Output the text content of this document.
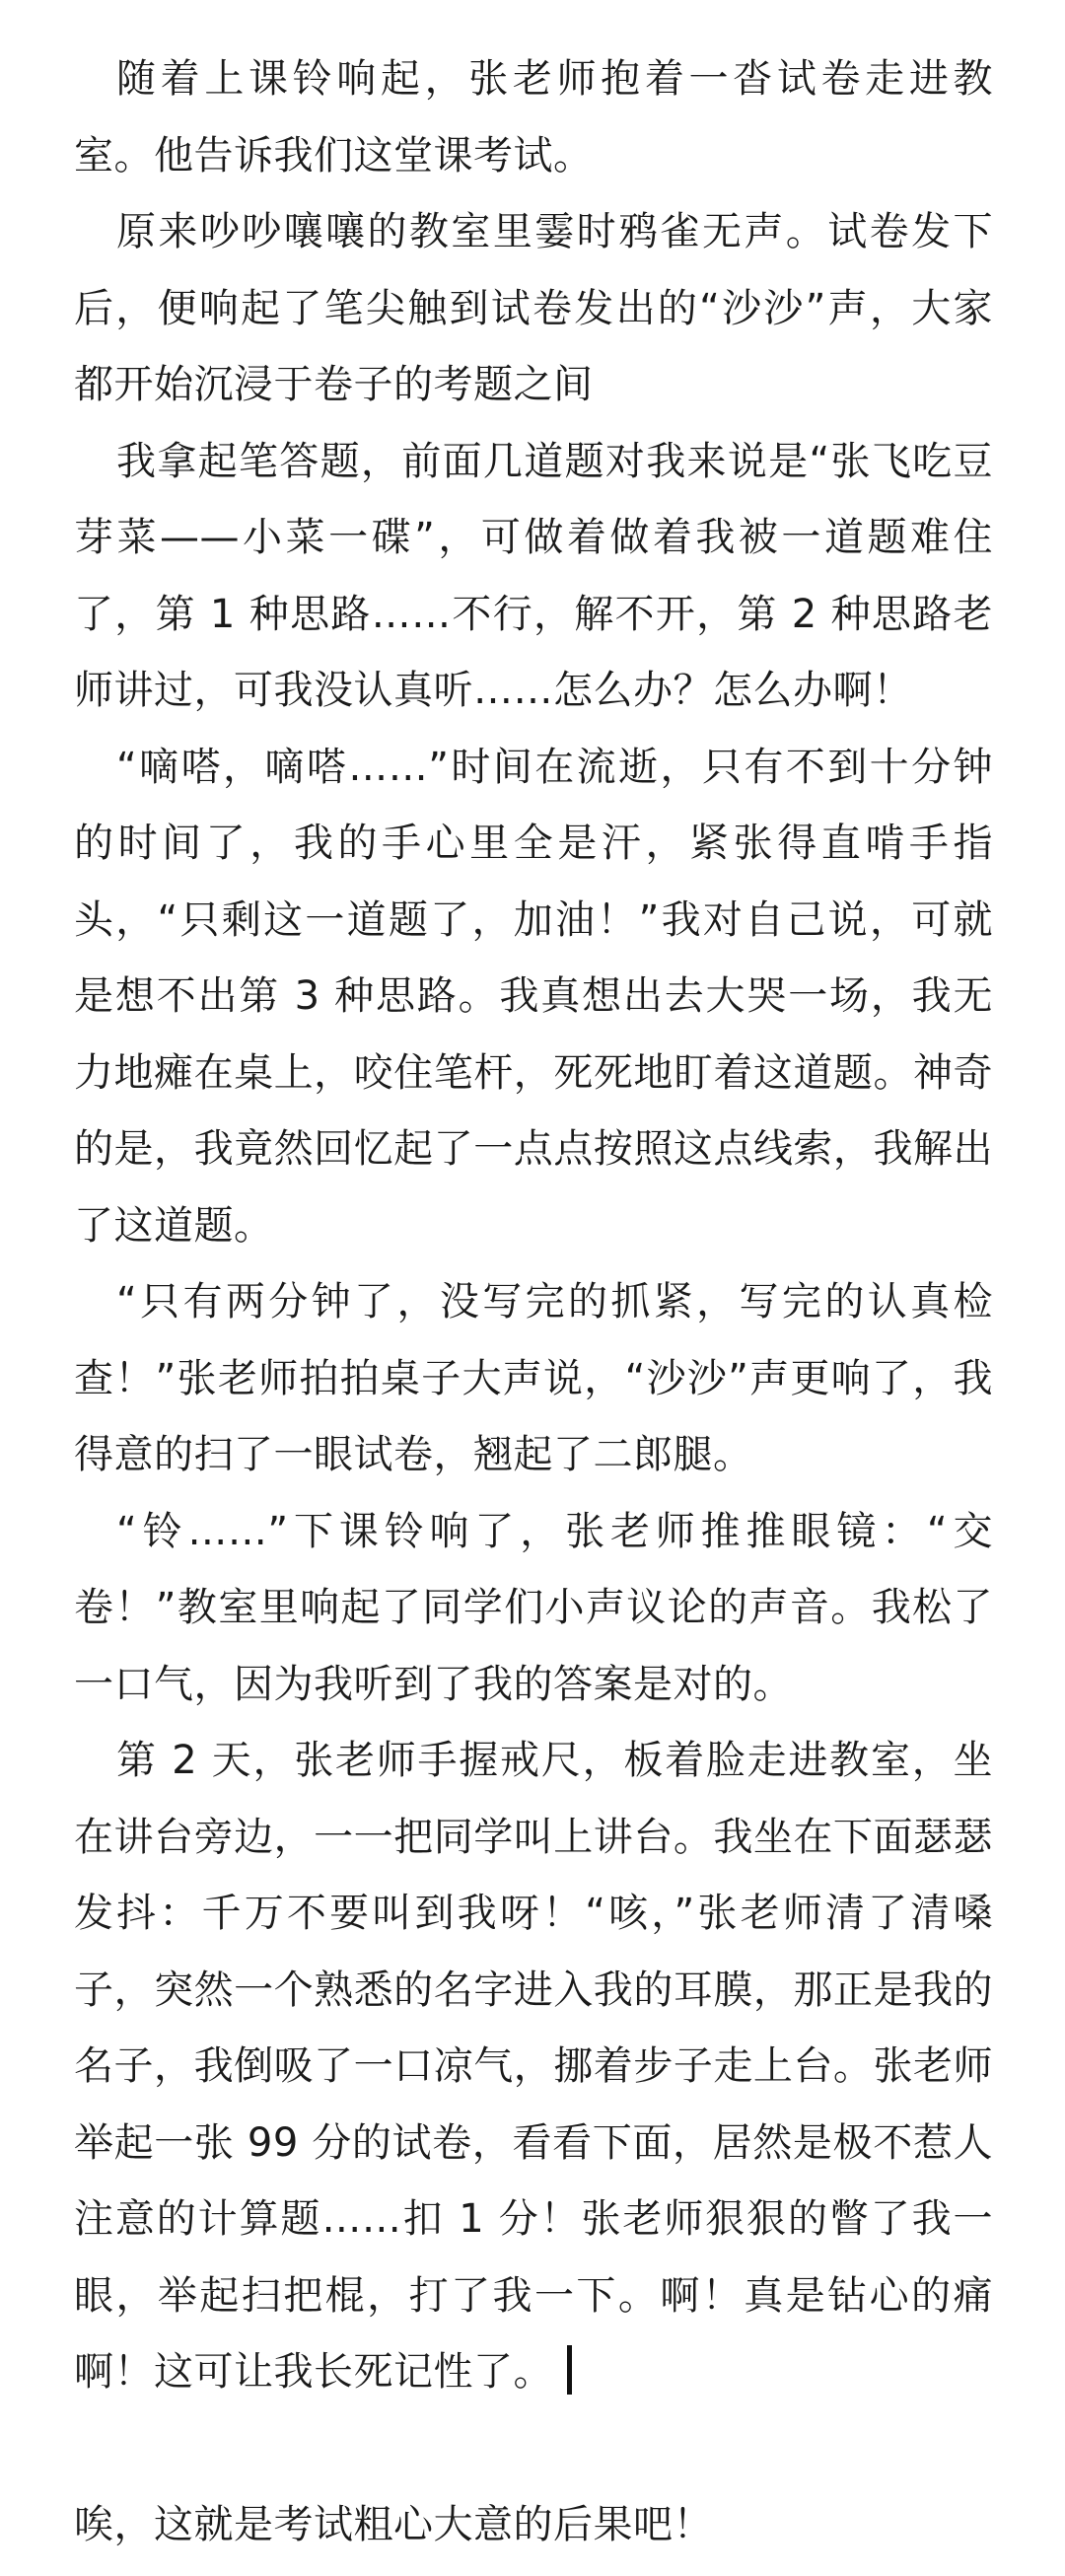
随着上课铃响起，张老师抱着一沓试卷走进教室。他告诉我们这堂课考试。

原来吵吵嚷嚷的教室里霎时鸦雀无声。试卷发下后，便响起了笔尖触到试卷发出的“沙沙”声，大家都开始沉浸于卷子的考题之间

我拿起笔答题，前面几道题对我来说是“张飞吃豆芽菜——小菜一碟”，可做着做着我被一道题难住了，第 1 种思路……不行，解不开，第 2 种思路老师讲过，可我没认真听……怎么办？怎么办啊！

“嘀嗒，嘀嗒……”时间在流逝，只有不到十分钟的时间了，我的手心里全是汗，紧张得直啃手指头，“只剩这一道题了，加油！”我对自己说，可就是想不出第 3 种思路。我真想出去大哭一场，我无力地瘫在桌上，咬住笔杆，死死地盯着这道题。神奇的是，我竟然回忆起了一点点按照这点线索，我解出了这道题。

“只有两分钟了，没写完的抓紧，写完的认真检查！”张老师拍拍桌子大声说，“沙沙”声更响了，我得意的扫了一眼试卷，翘起了二郎腿。

“铃……”下课铃响了，张老师推推眼镜：“交卷！”教室里响起了同学们小声议论的声音。我松了一口气，因为我听到了我的答案是对的。

第 2 天，张老师手握戒尺，板着脸走进教室，坐在讲台旁边，一一把同学叫上讲台。我坐在下面瑟瑟发抖：千万不要叫到我呀！“咳，”张老师清了清嗓子，突然一个熟悉的名字进入我的耳膜，那正是我的名子，我倒吸了一口凉气，挪着步子走上台。张老师举起一张 99 分的试卷，看看下面，居然是极不惹人注意的计算题……扣 1 分！张老师狠狠的瞥了我一眼，举起扫把棍，打了我一下。啊！真是钻心的痛啊！这可让我长死记性了。

唉，这就是考试粗心大意的后果吧！
